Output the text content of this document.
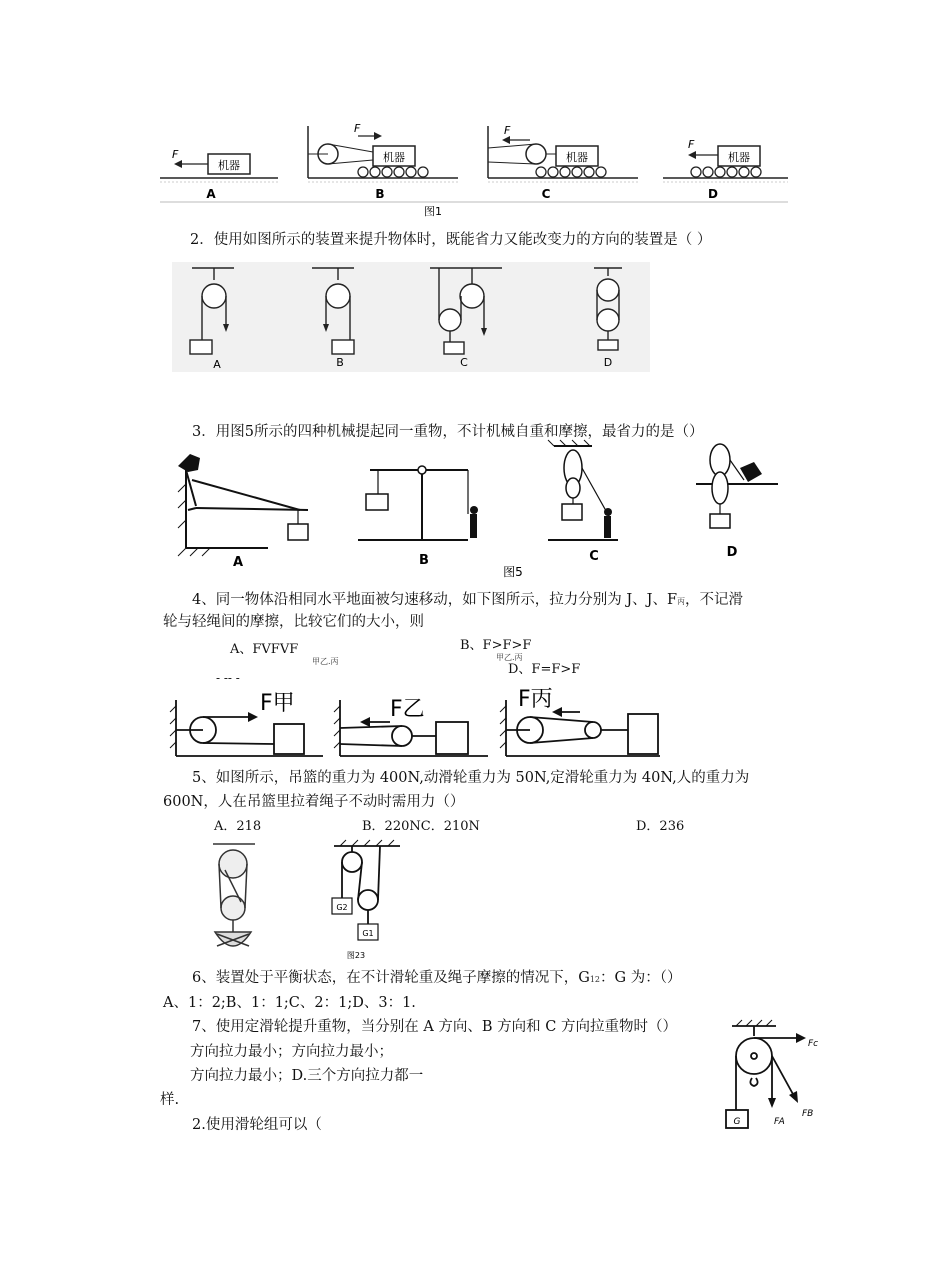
机器
F
A
机器
F
B
机器
F
C
机器
F
D
图1
2．使用如图所示的装置来提升物体时，既能省力又能改变力的方向的装置是（ ）
A	B	C	D
3．用图5所示的四种机械提起同一重物，不计机械自重和摩擦，最省力的是（）
A	B	C	D
图5
4、同一物体沿相同水平地面被匀速移动，如下图所示，拉力分别为 J、J、F丙，不记滑
轮与轻绳间的摩擦，比较它们的大小，则
A、FVFVF
甲乙.丙
- -- -
B、F>F>F
甲乙.丙
D、F=F>F
F甲	F乙	F丙
5、如图所示，吊篮的重力为 400N,动滑轮重力为 50N,定滑轮重力为 40N,人的重力为
600N，人在吊篮里拉着绳子不动时需用力（）
A．218	B．220NC．210N	D．236
G2
G1
图23
6、装置处于平衡状态，在不计滑轮重及绳子摩擦的情况下，G12：G 为：（）
A、1：2;B、1：1;C、2：1;D、3：1.
7、使用定滑轮提升重物，当分别在 A 方向、B 方向和 C 方向拉重物时（）
方向拉力最小；方向拉力最小；
方向拉力最小；D.三个方向拉力都一
样.
2.使用滑轮组可以（
Fc
FB
FA
G
